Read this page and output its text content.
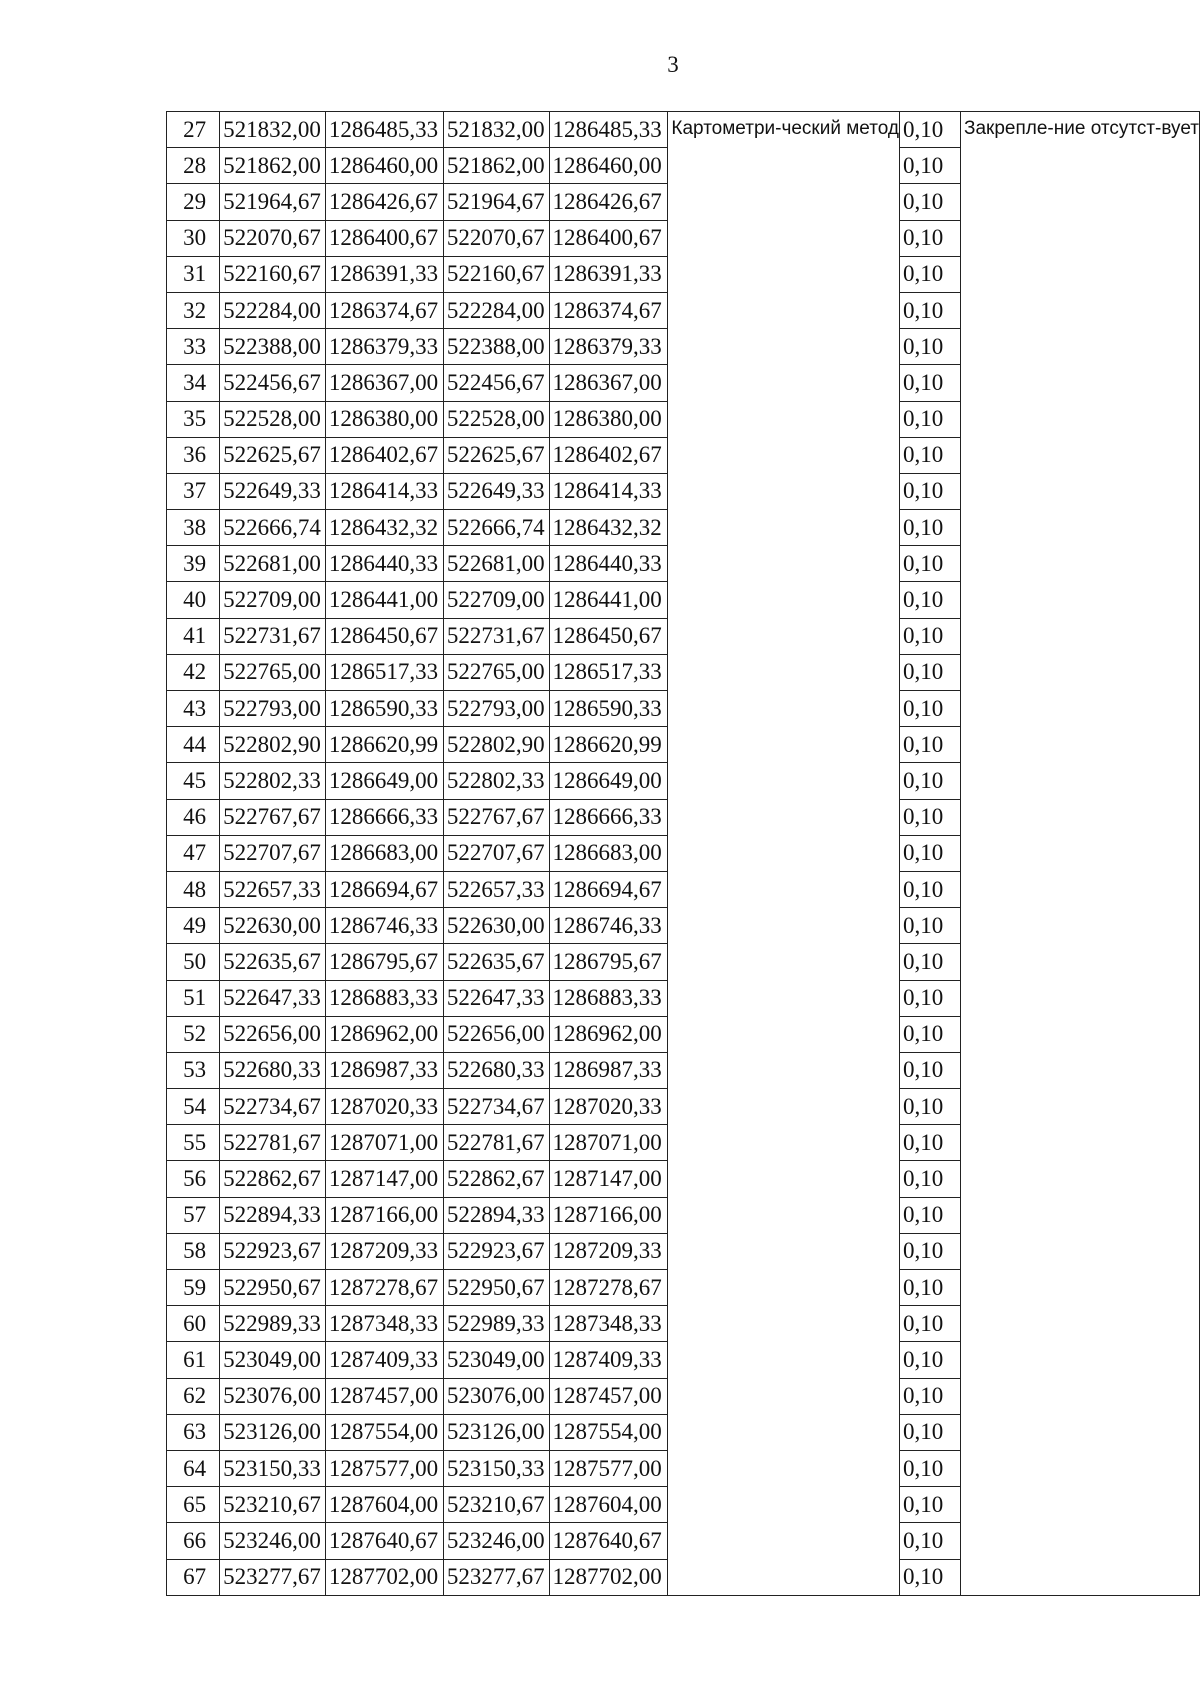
3
27	521832,00	1286485,33	521832,00	1286485,33	Картометри-ческий метод	0,10	Закрепле-ние отсутст-вует
28	521862,00	1286460,00	521862,00	1286460,00		0,10	
29	521964,67	1286426,67	521964,67	1286426,67		0,10	
30	522070,67	1286400,67	522070,67	1286400,67		0,10	
31	522160,67	1286391,33	522160,67	1286391,33		0,10	
32	522284,00	1286374,67	522284,00	1286374,67		0,10	
33	522388,00	1286379,33	522388,00	1286379,33		0,10	
34	522456,67	1286367,00	522456,67	1286367,00		0,10	
35	522528,00	1286380,00	522528,00	1286380,00		0,10	
36	522625,67	1286402,67	522625,67	1286402,67		0,10	
37	522649,33	1286414,33	522649,33	1286414,33		0,10	
38	522666,74	1286432,32	522666,74	1286432,32		0,10	
39	522681,00	1286440,33	522681,00	1286440,33		0,10	
40	522709,00	1286441,00	522709,00	1286441,00		0,10	
41	522731,67	1286450,67	522731,67	1286450,67		0,10	
42	522765,00	1286517,33	522765,00	1286517,33		0,10	
43	522793,00	1286590,33	522793,00	1286590,33		0,10	
44	522802,90	1286620,99	522802,90	1286620,99		0,10	
45	522802,33	1286649,00	522802,33	1286649,00		0,10	
46	522767,67	1286666,33	522767,67	1286666,33		0,10	
47	522707,67	1286683,00	522707,67	1286683,00		0,10	
48	522657,33	1286694,67	522657,33	1286694,67		0,10	
49	522630,00	1286746,33	522630,00	1286746,33		0,10	
50	522635,67	1286795,67	522635,67	1286795,67		0,10	
51	522647,33	1286883,33	522647,33	1286883,33		0,10	
52	522656,00	1286962,00	522656,00	1286962,00		0,10	
53	522680,33	1286987,33	522680,33	1286987,33		0,10	
54	522734,67	1287020,33	522734,67	1287020,33		0,10	
55	522781,67	1287071,00	522781,67	1287071,00		0,10	
56	522862,67	1287147,00	522862,67	1287147,00		0,10	
57	522894,33	1287166,00	522894,33	1287166,00		0,10	
58	522923,67	1287209,33	522923,67	1287209,33		0,10	
59	522950,67	1287278,67	522950,67	1287278,67		0,10	
60	522989,33	1287348,33	522989,33	1287348,33		0,10	
61	523049,00	1287409,33	523049,00	1287409,33		0,10	
62	523076,00	1287457,00	523076,00	1287457,00		0,10	
63	523126,00	1287554,00	523126,00	1287554,00		0,10	
64	523150,33	1287577,00	523150,33	1287577,00		0,10	
65	523210,67	1287604,00	523210,67	1287604,00		0,10	
66	523246,00	1287640,67	523246,00	1287640,67		0,10	
67	523277,67	1287702,00	523277,67	1287702,00		0,10	
